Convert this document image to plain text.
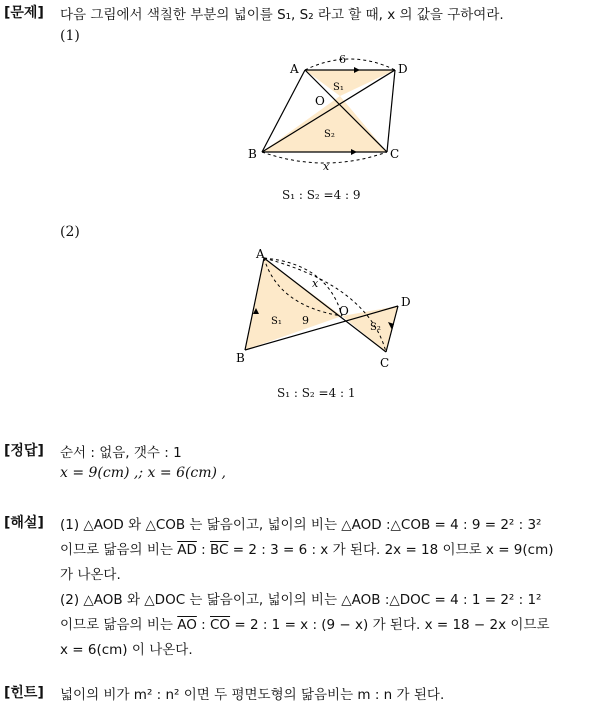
[문제] 다음 그림에서 색칠한 부분의 넓이를 S₁, S₂ 라고 할 때, x 의 값을 구하여라.
(1)
A	D
B	C
O
6
x
S₁
S₂
S₁ : S₂ =4 : 9
(2)
A
B	C
D
O
x
9
S₁
S₂
S₁ : S₂ =4 : 1
[정답] 순서 : 없음, 갯수 : 1
x = 9(cm) ,; x = 6(cm) ,
[해설] (1) △AOD 와 △COB 는 닮음이고, 넓이의 비는 △AOD :△COB = 4 : 9 = 2² : 3²
이므로 닮음의 비는 $\overline{AD}$ : $\overline{BC} = 2$ : 3 = 6 : x 가 된다. 2x = 18 이므로 x = 9(cm)
가 나온다.
(2) △AOB 와 △DOC 는 닮음이고, 넓이의 비는 △AOB :△DOC = 4 : 1 = 2² : 1²
이므로 닮음의 비는 $\overline{AO}$ : $\overline{CO} = 2$ : 1 = x : (9 − x) 가 된다. x = 18 − 2x 이므로
x = 6(cm) 이 나온다.
[힌트] 넓이의 비가 m² : n² 이면 두 평면도형의 닮음비는 m : n 가 된다.
